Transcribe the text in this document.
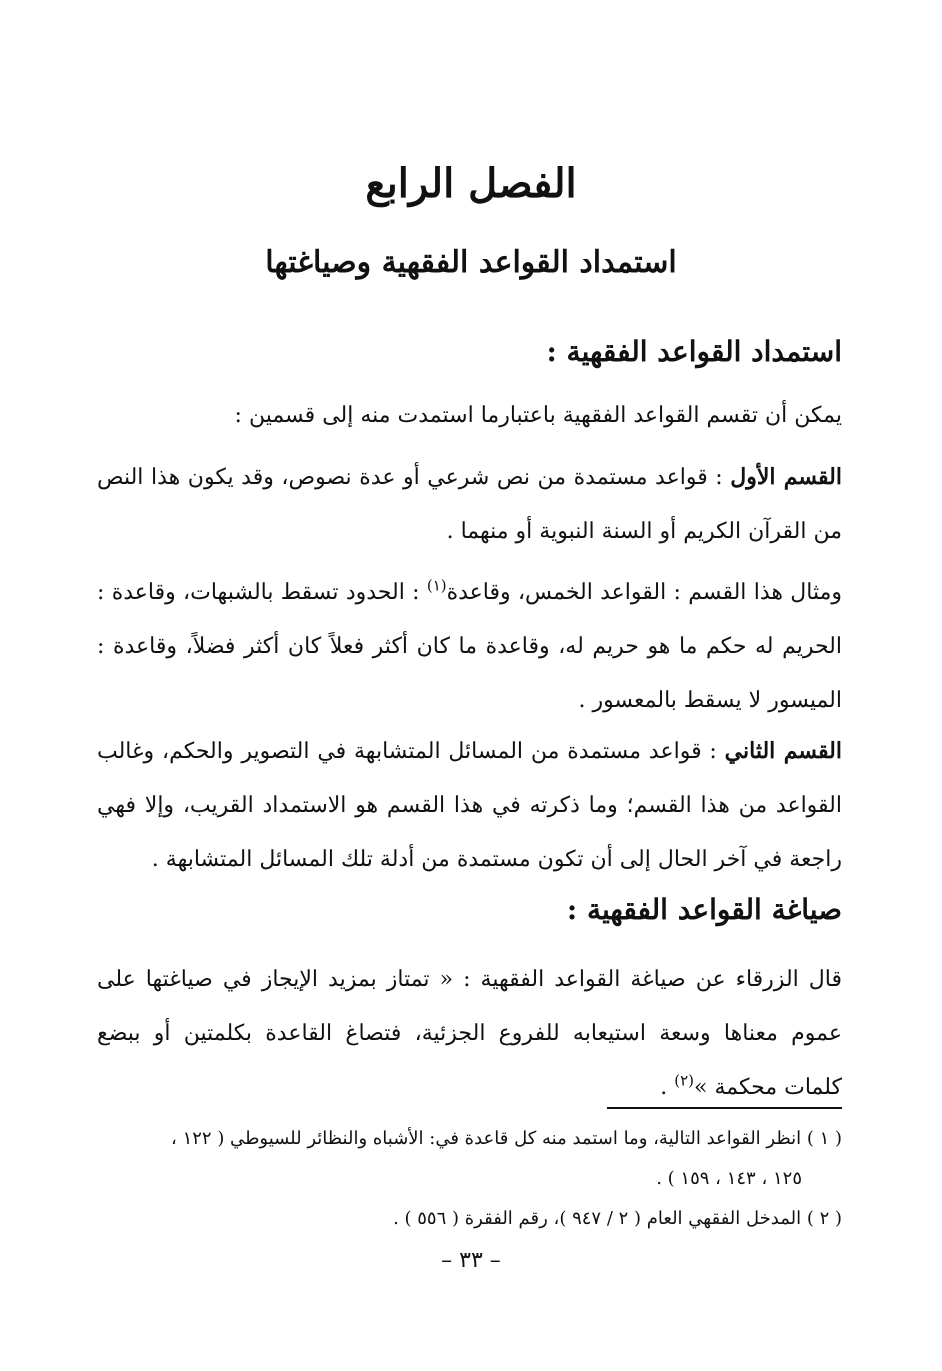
الفصل الرابع
استمداد القواعد الفقهية وصياغتها
استمداد القواعد الفقهية :

يمكن أن تقسم القواعد الفقهية باعتبارما استمدت منه إلى قسمين :

القسم الأول : قواعد مستمدة من نص شرعي أو عدة نصوص، وقد يكون هذا النص من القرآن الكريم أو السنة النبوية أو منهما .

ومثال هذا القسم : القواعد الخمس، وقاعدة$^{(١)}$ : الحدود تسقط بالشبهات، وقاعدة : الحريم له حكم ما هو حريم له، وقاعدة ما كان أكثر فعلاً كان أكثر فضلاً، وقاعدة : الميسور لا يسقط بالمعسور .

القسم الثاني : قواعد مستمدة من المسائل المتشابهة في التصوير والحكم، وغالب القواعد من هذا القسم؛ وما ذكرته في هذا القسم هو الاستمداد القريب، وإلا فهي راجعة في آخر الحال إلى أن تكون مستمدة من أدلة تلك المسائل المتشابهة .

صياغة القواعد الفقهية :

قال الزرقاء عن صياغة القواعد الفقهية : « تمتاز بمزيد الإيجاز في صياغتها على عموم معناها وسعة استيعابه للفروع الجزئية، فتصاغ القاعدة بكلمتين أو ببضع كلمات محكمة »$^{(٢)}$ .

( ١ ) انظر القواعد التالية، وما استمد منه كل قاعدة في: الأشباه والنظائر للسيوطي ( ١٢٢ ،

١٢٥ ، ١٤٣ ، ١٥٩ ) .

( ٢ ) المدخل الفقهي العام ( ٢ / ٩٤٧ )، رقم الفقرة ( ٥٥٦ ) .

– ٣٣ –
